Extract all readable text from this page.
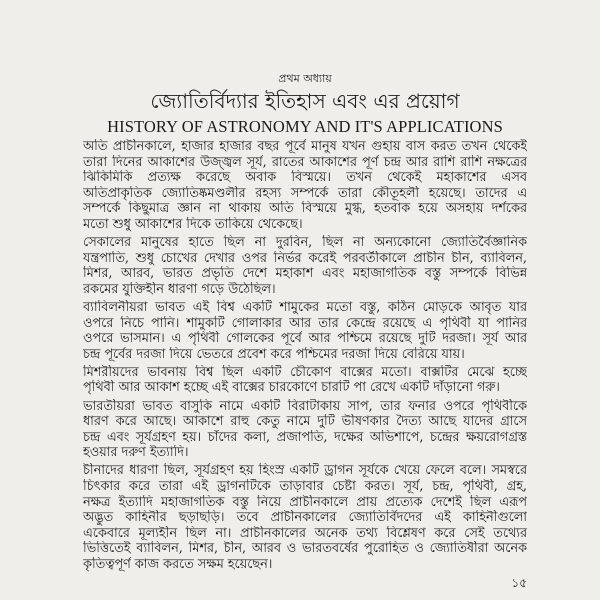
প্রথম অধ্যায়
জ্যোতির্বিদ্যার ইতিহাস এবং এর প্রয়োগ
HISTORY OF ASTRONOMY AND IT'S APPLICATIONS
অতি প্রাচীনকালে, হাজার হাজার বছর পূর্বে মানুষ যখন গুহায় বাস করত তখন থেকেই
তারা দিনের আকাশের উজ্জ্বল সূর্য, রাতের আকাশের পূর্ণ চন্দ্র আর রাশি রাশি নক্ষত্রের
ঝিকিমিকি প্রত্যক্ষ করেছে অবাক বিস্ময়ে। তখন থেকেই মহাকাশের এসব
অতিপ্রাকৃতিক জ্যোতিষ্কমণ্ডলীর রহস্য সম্পর্কে তারা কৌতূহলী হয়েছে। তাদের এ
সম্পর্কে কিছুমাত্র জ্ঞান না থাকায় অতি বিস্ময়ে মুগ্ধ, হতবাক হয়ে অসহায় দর্শকের
মতো শুধু আকাশের দিকে তাকিয়ে থেকেছে।
সেকালের মানুষের হাতে ছিল না দুরবিন, ছিল না অন্যকোনো জ্যোতির্বৈজ্ঞানিক
যন্ত্রপাতি, শুধু চোখের দেখার ওপর নির্ভর করেই পরবর্তীকালে প্রাচীন চীন, ব্যাবিলন,
মিশর, আরব, ভারত প্রভৃতি দেশে মহাকাশ এবং মহাজাগতিক বস্তু সম্পর্কে বিভিন্ন
রকমের যুক্তিহীন ধারণা গড়ে উঠেছিল।
ব্যাবিলনীয়রা ভাবত এই বিশ্ব একটি শামুকের মতো বস্তু, কঠিন মোড়কে আবৃত যার
ওপরে নিচে পানি। শামুকটি গোলাকার আর তার কেন্দ্রে রয়েছে এ পৃথিবী যা পানির
ওপরে ভাসমান। এ পৃথিবী গোলকের পূর্বে আর পশ্চিমে রয়েছে দুটি দরজা। সূর্য আর
চন্দ্র পূর্বের দরজা দিয়ে ভেতরে প্রবেশ করে পশ্চিমের দরজা দিয়ে বেরিয়ে যায়।
মিশরীয়দের ভাবনায় বিশ্ব ছিল একটি চৌকোণ বাক্সের মতো। বাক্সটির মেঝে হচ্ছে
পৃথিবী আর আকাশ হচ্ছে এই বাক্সের চারকোণে চারটি পা রেখে একটি দাঁড়ানো গরু।
ভারতীয়রা ভাবত বাসুকি নামে একটি বিরাটাকায় সাপ, তার ফনার ওপরে পৃথিবীকে
ধারণ করে আছে। আকাশে রাহু কেতু নামে দুটি ভীষণকার দৈত্য আছে যাদের গ্রাসে
চন্দ্র এবং সূর্যগ্রহণ হয়। চাঁদের কলা, প্রজাপতি, দক্ষের অভিশাপে, চন্দ্রের ক্ষয়রোগগ্রস্ত
হওয়ার দরুণ ইত্যাদি।
চীনাদের ধারণা ছিল, সূর্যগ্রহণ হয় হিংস্র একটি ড্রাগন সূর্যকে খেয়ে ফেলে বলে। সমস্বরে
চিৎকার করে তারা এই ড্রাগনটিকে তাড়াবার চেষ্টা করত। সূর্য, চন্দ্র, পৃথিবী, গ্রহ,
নক্ষত্র ইত্যাদি মহাজাগতিক বস্তু নিয়ে প্রাচীনকালে প্রায় প্রত্যেক দেশেই ছিল এরূপ
অদ্ভুত কাহিনীর ছড়াছড়ি। তবে প্রাচীনকালের জ্যোতির্বিদদের এই কাহিনীগুলো
একেবারে মূল্যহীন ছিল না। প্রাচীনকালের অনেক তথ্য বিশ্লেষণ করে সেই তথ্যের
ভিত্তিতেই ব্যাবিলন, মিশর, চীন, আরব ও ভারতবর্ষের পুরোহিত ও জ্যোতিষীরা অনেক
কৃতিত্বপূর্ণ কাজ করতে সক্ষম হয়েছেন।
১৫
